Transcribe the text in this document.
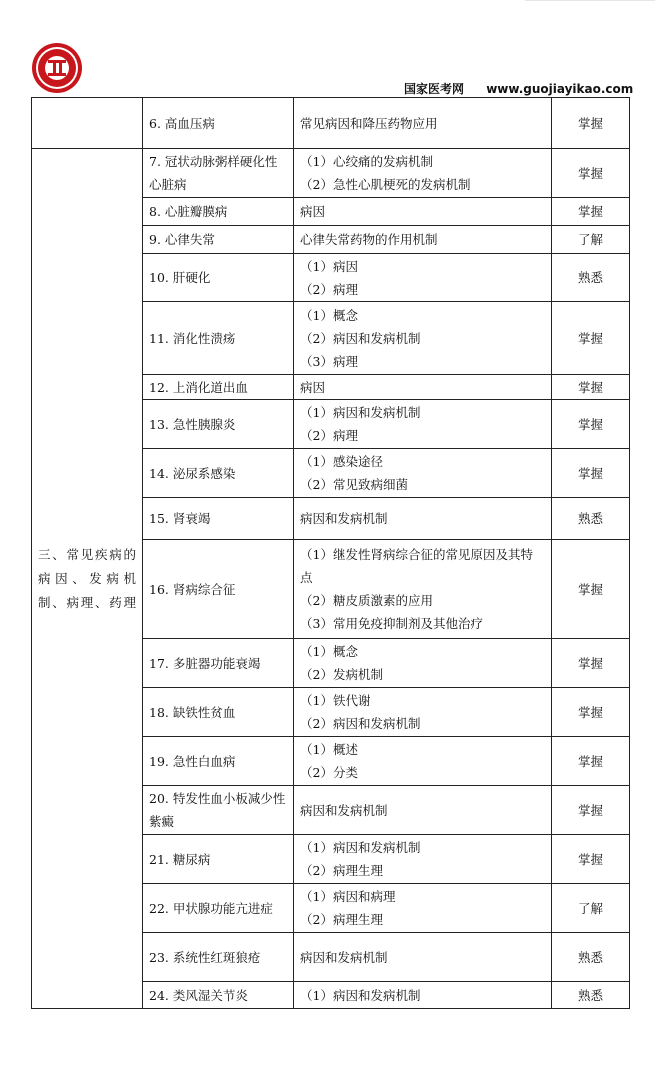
国家医考网 www.guojiayikao.com
	6. 高血压病	常见病因和降压药物应用	掌握

三、常见疾病的病因、发病机制、病理、药理	7. 冠状动脉粥样硬化性心脏病	（1）心绞痛的发病机制
（2）急性心肌梗死的发病机制	掌握
	8. 心脏瓣膜病	病因	掌握
	9. 心律失常	心律失常药物的作用机制	了解
	10. 肝硬化	（1）病因
（2）病理	熟悉
	11. 消化性溃疡	（1）概念
（2）病因和发病机制
（3）病理	掌握
	12. 上消化道出血	病因	掌握
	13. 急性胰腺炎	（1）病因和发病机制
（2）病理	掌握
	14. 泌尿系感染	（1）感染途径
（2）常见致病细菌	掌握
	15. 肾衰竭	病因和发病机制	熟悉
	16. 肾病综合征	（1）继发性肾病综合征的常见原因及其特点
（2）糖皮质激素的应用
（3）常用免疫抑制剂及其他治疗	掌握
	17. 多脏器功能衰竭	（1）概念
（2）发病机制	掌握
	18. 缺铁性贫血	（1）铁代谢
（2）病因和发病机制	掌握
	19. 急性白血病	（1）概述
（2）分类	掌握
	20. 特发性血小板减少性紫癜	病因和发病机制	掌握
	21. 糖尿病	（1）病因和发病机制
（2）病理生理	掌握
	22. 甲状腺功能亢进症	（1）病因和病理
（2）病理生理	了解
	23. 系统性红斑狼疮	病因和发病机制	熟悉
	24. 类风湿关节炎	（1）病因和发病机制	熟悉
